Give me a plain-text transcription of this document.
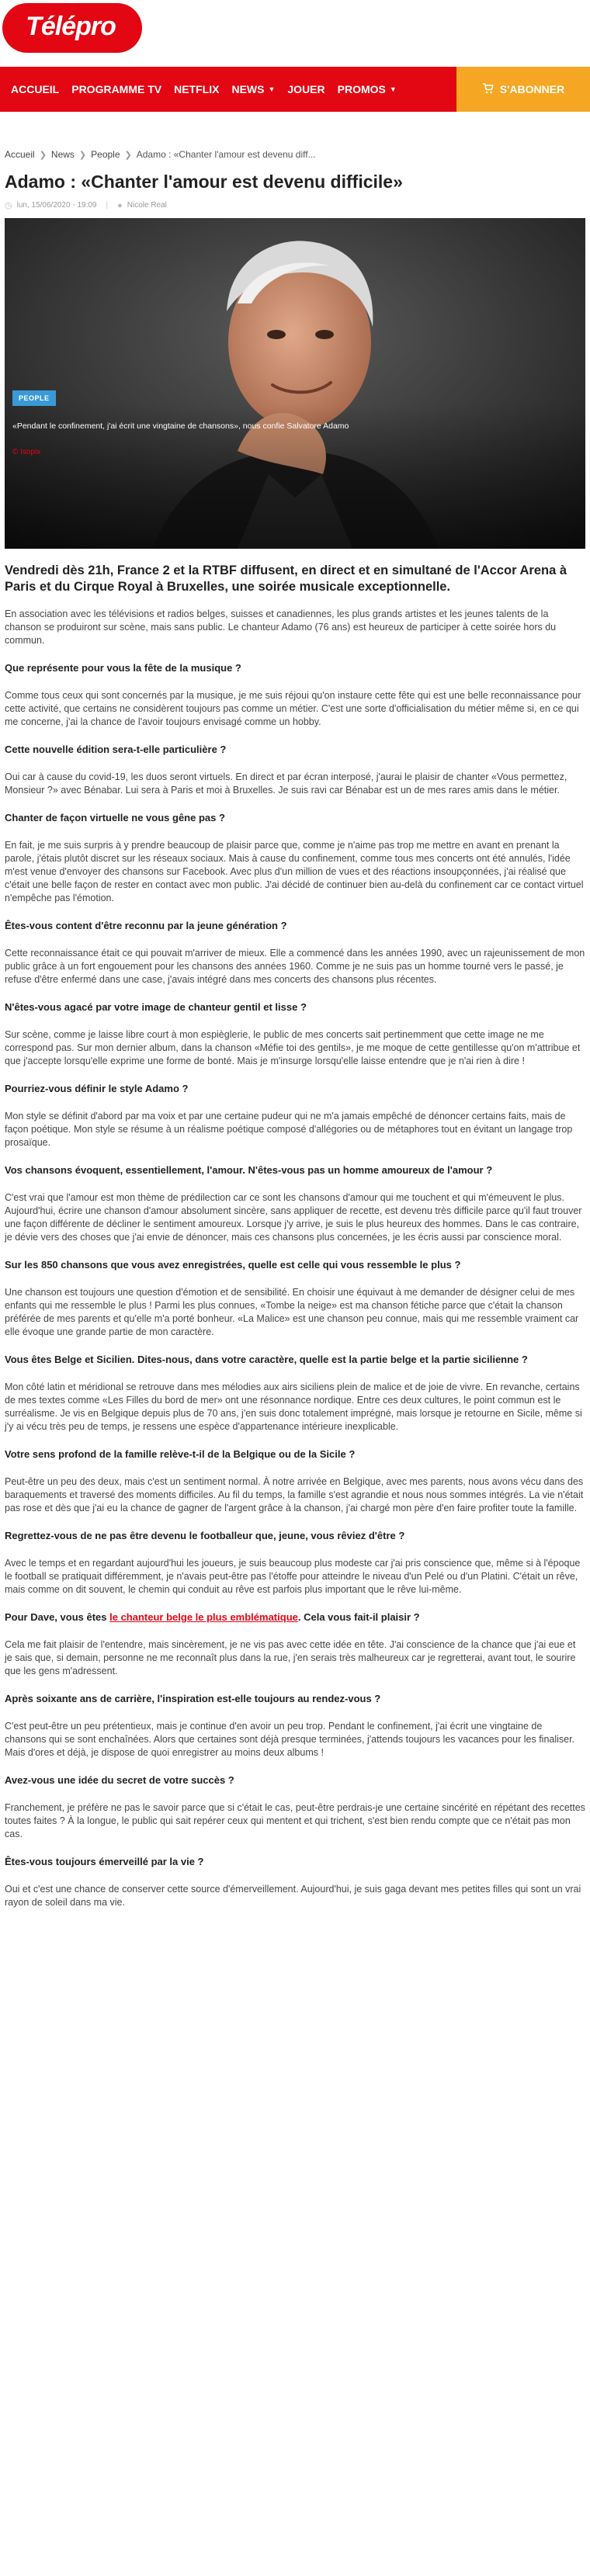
Télépro
ACCUEIL PROGRAMME TV NETFLIX NEWS ▼ JOUER PROMOS ▼	S'ABONNER
Accueil ❯ News ❯ People ❯ Adamo : «Chanter l'amour est devenu diff...
Adamo : «Chanter l'amour est devenu difficile»
◷ lun, 15/06/2020 - 19:09 | ● Nicole Real
PEOPLE
«Pendant le confinement, j'ai écrit une vingtaine de chansons», nous confie Salvatore Adamo
© Isopix

Vendredi dès 21h, France 2 et la RTBF diffusent, en direct et en simultané de l'Accor Arena à Paris et du Cirque Royal à Bruxelles, une soirée musicale exceptionnelle.

En association avec les télévisions et radios belges, suisses et canadiennes, les plus grands artistes et les jeunes talents de la chanson se produiront sur scène, mais sans public. Le chanteur Adamo (76 ans) est heureux de participer à cette soirée hors du commun.

Que représente pour vous la fête de la musique ?

Comme tous ceux qui sont concernés par la musique, je me suis réjoui qu'on instaure cette fête qui est une belle reconnaissance pour cette activité, que certains ne considèrent toujours pas comme un métier. C'est une sorte d'officialisation du métier même si, en ce qui me concerne, j'ai la chance de l'avoir toujours envisagé comme un hobby.

Cette nouvelle édition sera-t-elle particulière ?

Oui car à cause du covid-19, les duos seront virtuels. En direct et par écran interposé, j'aurai le plaisir de chanter «Vous permettez, Monsieur ?» avec Bénabar. Lui sera à Paris et moi à Bruxelles. Je suis ravi car Bénabar est un de mes rares amis dans le métier.

Chanter de façon virtuelle ne vous gêne pas ?

En fait, je me suis surpris à y prendre beaucoup de plaisir parce que, comme je n'aime pas trop me mettre en avant en prenant la parole, j'étais plutôt discret sur les réseaux sociaux. Mais à cause du confinement, comme tous mes concerts ont été annulés, l'idée m'est venue d'envoyer des chansons sur Facebook. Avec plus d'un million de vues et des réactions insoupçonnées, j'ai réalisé que c'était une belle façon de rester en contact avec mon public. J'ai décidé de continuer bien au-delà du confinement car ce contact virtuel n'empêche pas l'émotion.

Êtes-vous content d'être reconnu par la jeune génération ?

Cette reconnaissance était ce qui pouvait m'arriver de mieux. Elle a commencé dans les années 1990, avec un rajeunissement de mon public grâce à un fort engouement pour les chansons des années 1960. Comme je ne suis pas un homme tourné vers le passé, je refuse d'être enfermé dans une case, j'avais intégré dans mes concerts des chansons plus récentes.

N'êtes-vous agacé par votre image de chanteur gentil et lisse ?

Sur scène, comme je laisse libre court à mon espièglerie, le public de mes concerts sait pertinemment que cette image ne me correspond pas. Sur mon dernier album, dans la chanson «Méfie toi des gentils», je me moque de cette gentillesse qu'on m'attribue et que j'accepte lorsqu'elle exprime une forme de bonté. Mais je m'insurge lorsqu'elle laisse entendre que je n'ai rien à dire !

Pourriez-vous définir le style Adamo ?

Mon style se définit d'abord par ma voix et par une certaine pudeur qui ne m'a jamais empêché de dénoncer certains faits, mais de façon poétique. Mon style se résume à un réalisme poétique composé d'allégories ou de métaphores tout en évitant un langage trop prosaïque.

Vos chansons évoquent, essentiellement, l'amour. N'êtes-vous pas un homme amoureux de l'amour ?

C'est vrai que l'amour est mon thème de prédilection car ce sont les chansons d'amour qui me touchent et qui m'émeuvent le plus. Aujourd'hui, écrire une chanson d'amour absolument sincère, sans appliquer de recette, est devenu très difficile parce qu'il faut trouver une façon différente de décliner le sentiment amoureux. Lorsque j'y arrive, je suis le plus heureux des hommes. Dans le cas contraire, je dévie vers des choses que j'ai envie de dénoncer, mais ces chansons plus concernées, je les écris aussi par conscience moral.

Sur les 850 chansons que vous avez enregistrées, quelle est celle qui vous ressemble le plus ?

Une chanson est toujours une question d'émotion et de sensibilité. En choisir une équivaut à me demander de désigner celui de mes enfants qui me ressemble le plus ! Parmi les plus connues, «Tombe la neige» est ma chanson fétiche parce que c'était la chanson préférée de mes parents et qu'elle m'a porté bonheur. «La Malice» est une chanson peu connue, mais qui me ressemble vraiment car elle évoque une grande partie de mon caractère.

Vous êtes Belge et Sicilien. Dites-nous, dans votre caractère, quelle est la partie belge et la partie sicilienne ?

Mon côté latin et méridional se retrouve dans mes mélodies aux airs siciliens plein de malice et de joie de vivre. En revanche, certains de mes textes comme «Les Filles du bord de mer» ont une résonnance nordique. Entre ces deux cultures, le point commun est le surréalisme. Je vis en Belgique depuis plus de 70 ans, j'en suis donc totalement imprégné, mais lorsque je retourne en Sicile, même si j'y ai vécu très peu de temps, je ressens une espèce d'appartenance intérieure inexplicable.

Votre sens profond de la famille relève-t-il de la Belgique ou de la Sicile ?

Peut-être un peu des deux, mais c'est un sentiment normal. À notre arrivée en Belgique, avec mes parents, nous avons vécu dans des baraquements et traversé des moments difficiles. Au fil du temps, la famille s'est agrandie et nous nous sommes intégrés. La vie n'était pas rose et dès que j'ai eu la chance de gagner de l'argent grâce à la chanson, j'ai chargé mon père d'en faire profiter toute la famille.

Regrettez-vous de ne pas être devenu le footballeur que, jeune, vous rêviez d'être ?

Avec le temps et en regardant aujourd'hui les joueurs, je suis beaucoup plus modeste car j'ai pris conscience que, même si à l'époque le football se pratiquait différemment, je n'avais peut-être pas l'étoffe pour atteindre le niveau d'un Pelé ou d'un Platini. C'était un rêve, mais comme on dit souvent, le chemin qui conduit au rêve est parfois plus important que le rêve lui-même.

Pour Dave, vous êtes le chanteur belge le plus emblématique. Cela vous fait-il plaisir ?

Cela me fait plaisir de l'entendre, mais sincèrement, je ne vis pas avec cette idée en tête. J'ai conscience de la chance que j'ai eue et je sais que, si demain, personne ne me reconnaît plus dans la rue, j'en serais très malheureux car je regretterai, avant tout, le sourire que les gens m'adressent.

Après soixante ans de carrière, l'inspiration est-elle toujours au rendez-vous ?

C'est peut-être un peu prétentieux, mais je continue d'en avoir un peu trop. Pendant le confinement, j'ai écrit une vingtaine de chansons qui se sont enchaînées. Alors que certaines sont déjà presque terminées, j'attends toujours les vacances pour les finaliser. Mais d'ores et déjà, je dispose de quoi enregistrer au moins deux albums !

Avez-vous une idée du secret de votre succès ?

Franchement, je préfère ne pas le savoir parce que si c'était le cas, peut-être perdrais-je une certaine sincérité en répétant des recettes toutes faites ? À la longue, le public qui sait repérer ceux qui mentent et qui trichent, s'est bien rendu compte que ce n'était pas mon cas.

Êtes-vous toujours émerveillé par la vie ?

Oui et c'est une chance de conserver cette source d'émerveillement. Aujourd'hui, je suis gaga devant mes petites filles qui sont un vrai rayon de soleil dans ma vie.
